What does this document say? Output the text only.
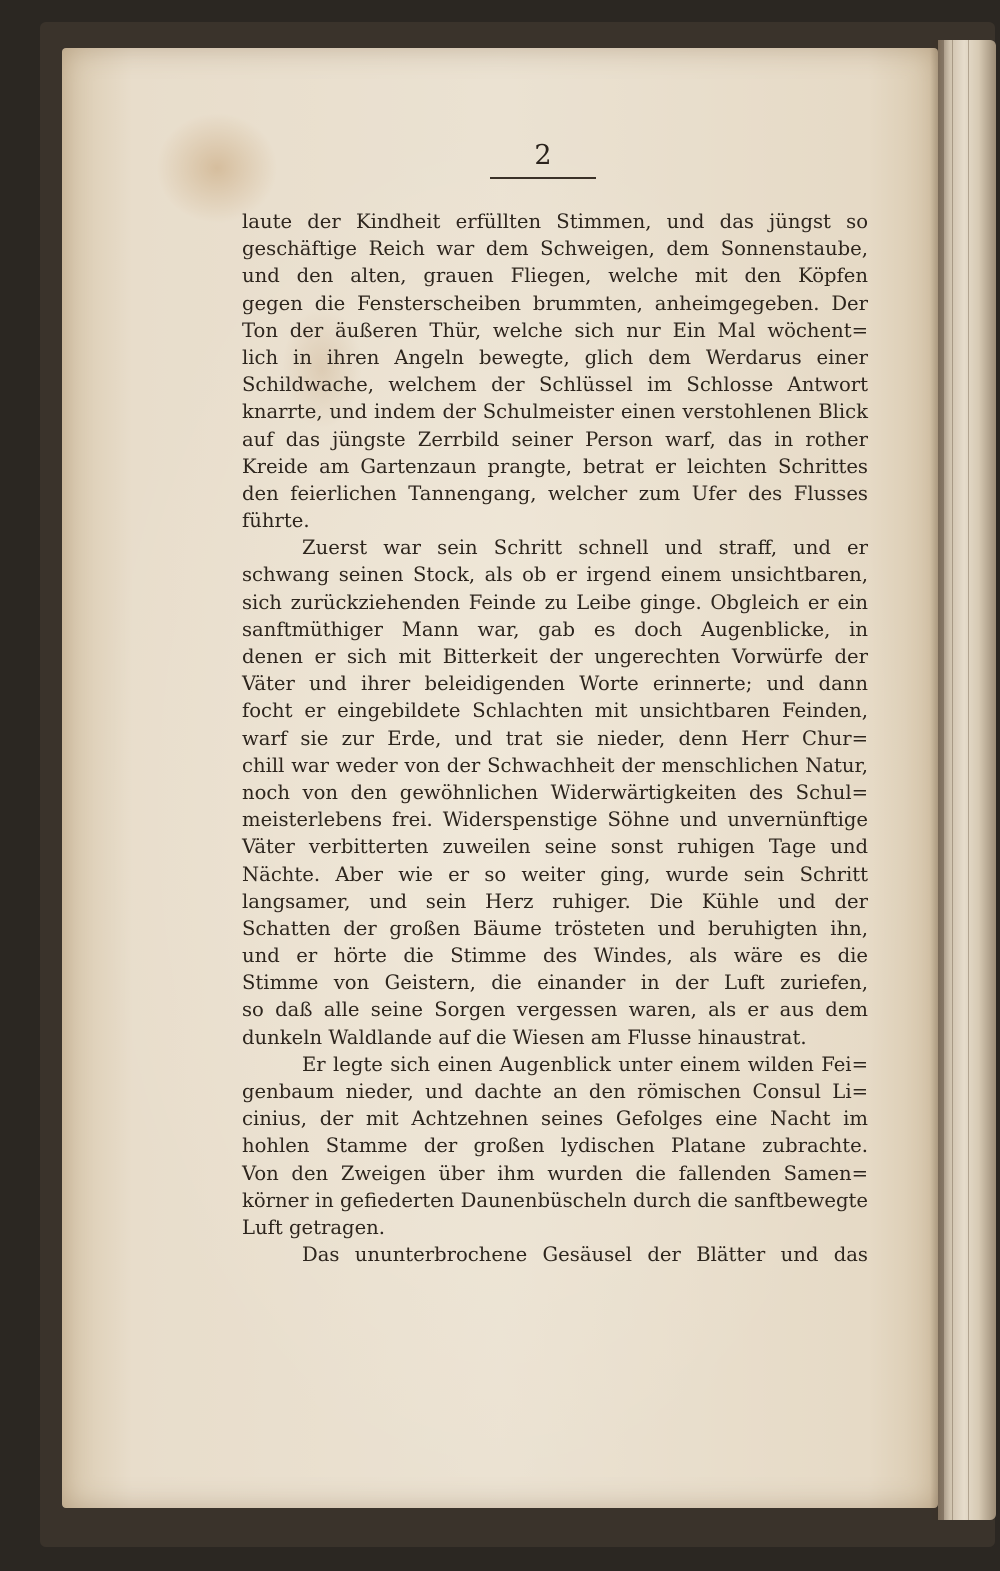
2
laute der Kindheit erfüllten Stimmen, und das jüngst so
geschäftige Reich war dem Schweigen, dem Sonnenstaube,
und den alten, grauen Fliegen, welche mit den Köpfen
gegen die Fensterscheiben brummten, anheimgegeben. Der
Ton der äußeren Thür, welche sich nur Ein Mal wöchent=
lich in ihren Angeln bewegte, glich dem Werdarus einer
Schildwache, welchem der Schlüssel im Schlosse Antwort
knarrte, und indem der Schulmeister einen verstohlenen Blick
auf das jüngste Zerrbild seiner Person warf, das in rother
Kreide am Gartenzaun prangte, betrat er leichten Schrittes
den feierlichen Tannengang, welcher zum Ufer des Flusses
führte.
Zuerst war sein Schritt schnell und straff, und er
schwang seinen Stock, als ob er irgend einem unsichtbaren,
sich zurückziehenden Feinde zu Leibe ginge. Obgleich er ein
sanftmüthiger Mann war, gab es doch Augenblicke, in
denen er sich mit Bitterkeit der ungerechten Vorwürfe der
Väter und ihrer beleidigenden Worte erinnerte; und dann
focht er eingebildete Schlachten mit unsichtbaren Feinden,
warf sie zur Erde, und trat sie nieder, denn Herr Chur=
chill war weder von der Schwachheit der menschlichen Natur,
noch von den gewöhnlichen Widerwärtigkeiten des Schul=
meisterlebens frei. Widerspenstige Söhne und unvernünftige
Väter verbitterten zuweilen seine sonst ruhigen Tage und
Nächte. Aber wie er so weiter ging, wurde sein Schritt
langsamer, und sein Herz ruhiger. Die Kühle und der
Schatten der großen Bäume trösteten und beruhigten ihn,
und er hörte die Stimme des Windes, als wäre es die
Stimme von Geistern, die einander in der Luft zuriefen,
so daß alle seine Sorgen vergessen waren, als er aus dem
dunkeln Waldlande auf die Wiesen am Flusse hinaustrat.
Er legte sich einen Augenblick unter einem wilden Fei=
genbaum nieder, und dachte an den römischen Consul Li=
cinius, der mit Achtzehnen seines Gefolges eine Nacht im
hohlen Stamme der großen lydischen Platane zubrachte.
Von den Zweigen über ihm wurden die fallenden Samen=
körner in gefiederten Daunenbüscheln durch die sanftbewegte
Luft getragen.
Das ununterbrochene Gesäusel der Blätter und das
